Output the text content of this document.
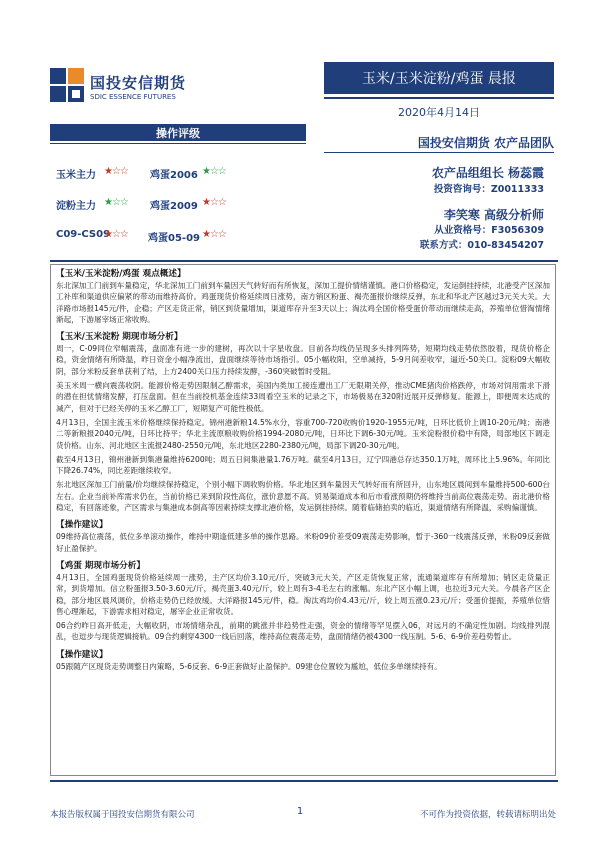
国投安信期货
SDIC ESSENCE FUTURES
玉米/玉米淀粉/鸡蛋 晨报
2020年4月14日
操作评级
玉米主力 ★☆☆ 鸡蛋2006 ★☆☆
淀粉主力 ★☆☆ 鸡蛋2009 ★☆☆
C09-CS09
★☆☆ 鸡蛋05-09 ★☆☆
国投安信期货 农产品团队
农产品组组长 杨蕊霞
投资咨询号：Z0011333
李笑寒 高级分析师
从业资格号：F3056309
联系方式：010-83454207
【玉米/玉米淀粉/鸡蛋 观点概述】
东北深加工门前到车量稳定，华北深加工门前到车量因天气转好而有所恢复，深加工提价情绪谨慎。港口价格稳定，发运倒挂持续，北港受产区深加工补库和渠道供应偏紧的带动而维持高价。鸡蛋现货价格延续周日涨势，南方销区粉蛋、褐壳蛋报价继续反弹，东北和华北产区越过3元关大关。大洋路市场报145元/件，企稳；产区走货正常，销区到货量增加，渠道库存升至3天以上；淘汰鸡全国价格受蛋价带动而继续走高，养殖单位惜淘情绪渐起，下游屠宰场正常收购。
【玉米/玉米淀粉 期现市场分析】
周一，C-09同位窄幅震荡，盘面准有进一步的建树，再次以十字星收盘。目前各均线仍呈现多头排列阵势，短期均线走势依然胶着，现货价格企稳，资金情绪有所降温，昨日资金小幅净流出，盘面继续等待市场指引。05小幅收阳，空单减持，5-9月间差收窄，逼近-50关口。淀粉09大幅收阴，部分米粉反套单获利了结，上方2400关口压力持续发酵，-360突破暂时受阻。
美玉米周一横向震荡收阴。能源价格走势因限制乙醇需求，美国内类加工接连遭出工厂无限期关停，推动CME猪肉价格跌停，市场对饲用需求下滑的潜在担忧情绪发酵，打压盘面。但在当前投机基金连续33周看空玉米的记录之下，市场极易在320附近展开反弹修复。能源上，即便周末达成的减产，但对于已经关停的玉米乙醇工厂，短期复产可能性极低。
4月13日，全国主流玉米价格继续保持稳定。锦州港新粮14.5%水分，容重700-720收购价1920-1955元/吨，日环比低价上调10-20元/吨；南港二等新粮报2040元/吨，日环比持平；华北主流原粮收购价格1994-2080元/吨，日环比下调6-30元/吨。玉米淀粉报价稳中有降，局部地区下调走货价格。山东、河北地区主流报2480-2550元/吨，东北地区2280-2380元/吨，局部下调20-30元/吨。
截至4月13日，锦州港新到集港量维持6200吨；周五日间集港量1.76万吨。截至4月13日，辽宁四港总存达350.1万吨，周环比上5.96%。年同比下降26.74%，同比差距继续收窄。
东北地区深加工门前量/价均继续保持稳定，个别小幅下调收购价格。华北地区到车量因天气转好而有所回升，山东地区晨间到车量维持500-600台左右。企业当前补库需求仍在，当前价格已来到阶段性高位，涨价意愿不高。贸易渠道成本和后市看涨预期仍将维持当前高位震荡走势。南北港价格稳定，有回落迹象，产区需求与集港成本倒高等因素持续支撑北港价格，发运倒挂持续。随着临储拍卖的临近，渠道情绪有所降温，采购偏谨慎。
【操作建议】
09维持高位震荡，低位多单滚动操作，维持中期逢低建多单的操作思路。米粉09价差受09震荡走势影响，暂于-360一线震荡反弹，米粉09反套做好止盈保护。
【鸡蛋 期现市场分析】
4月13日，全国鸡蛋现货价格延续周一涨势，主产区均价3.10元/斤，突破3元大关，产区走货恢复正常，流通渠道库存有所增加；销区走货量正常，到货增加。信立粉蛋报3.50-3.60元/斤，褐壳蛋3.40元/斤，较上周有3-4毛左右的涨幅。东北产区小幅上调，也拉近3元大关。今晨各产区企稳，部分地区晨风调价，价格走势仍已经放缓。大洋路报145元/件，稳。淘汰鸡均价4.43元/斤，较上周五涨0.23元/斤；受蛋价提振，养殖单位惜售心理渐起，下游需求相对稳定，屠宰企业正常收货。
06合约昨日高开低走，大幅收阴，市场情绪杂乱，前期的跳涨并非趋势性走强，资金的情绪等罕见摆入06，对远月的不确定性加剧。均线排列混乱，也逗步与现货逻辑接轨。09合约剩穿4300一线后回落，维持高位震荡走势，盘面情绪仍被4300一线压制。5-6、6-9价差趋势暂止。
【操作建议】
05跟随产区现货走势调整日内策略，5-6反套、6-9正套做好止盈保护。09建仓位置较为尴尬，低位多单继续持有。
本报告版权属于国投安信期货有限公司	1	不可作为投资依据，转载请标明出处
